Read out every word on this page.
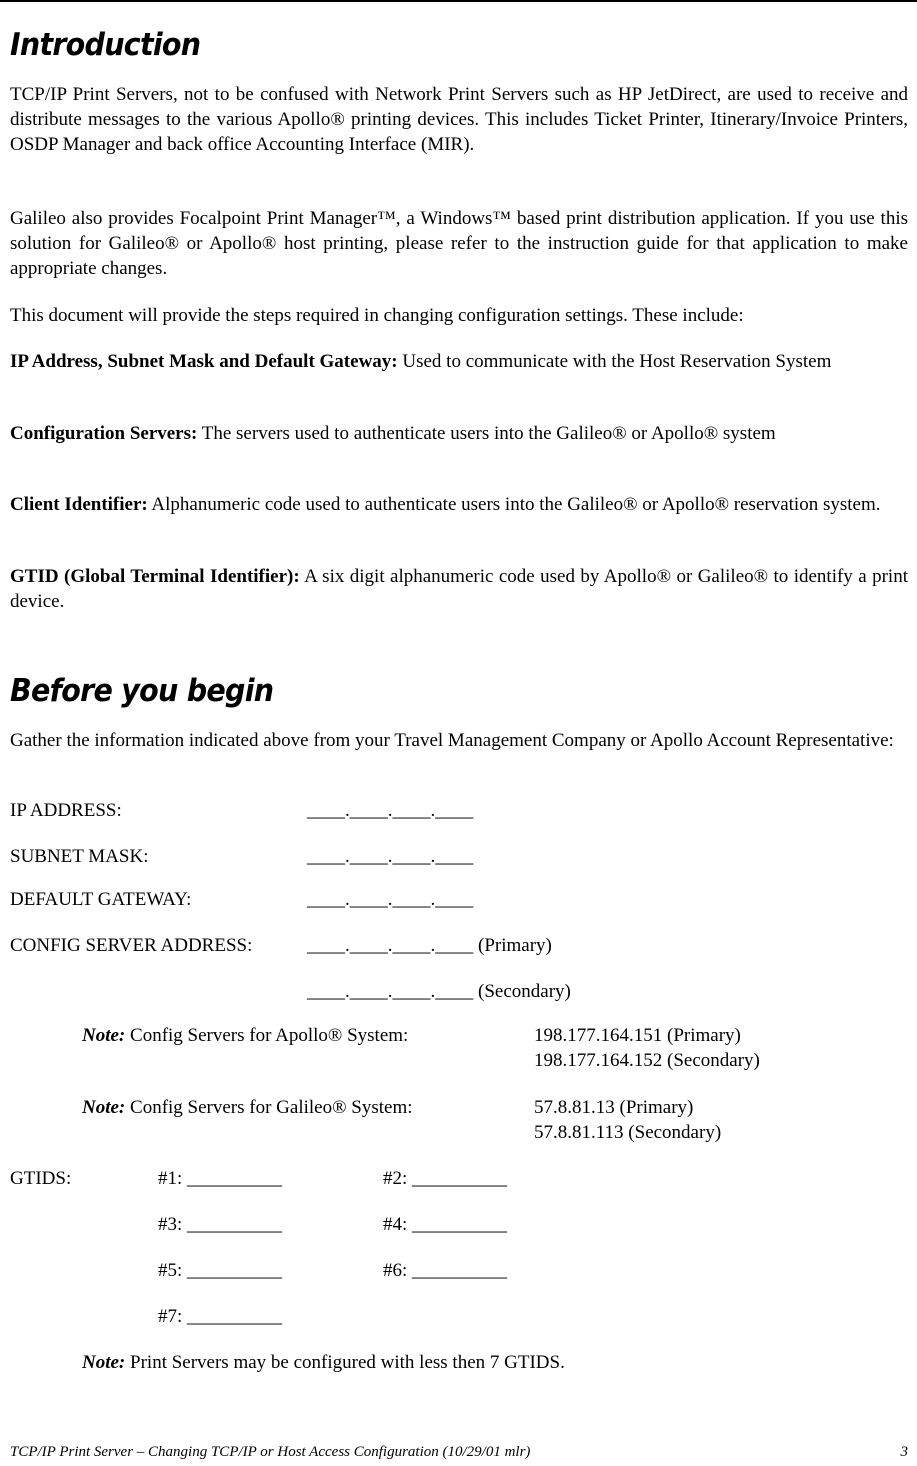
Introduction

TCP/IP Print Servers, not to be confused with Network Print Servers such as HP JetDirect, are used to receive and distribute messages to the various Apollo® printing devices. This includes Ticket Printer, Itinerary/Invoice Printers, OSDP Manager and back office Accounting Interface (MIR).

Galileo also provides Focalpoint Print Manager™, a Windows™ based print distribution application. If you use this solution for Galileo® or Apollo® host printing, please refer to the instruction guide for that application to make appropriate changes.

This document will provide the steps required in changing configuration settings. These include:

IP Address, Subnet Mask and Default Gateway: Used to communicate with the Host Reservation System

Configuration Servers: The servers used to authenticate users into the Galileo® or Apollo® system

Client Identifier: Alphanumeric code used to authenticate users into the Galileo® or Apollo® reservation system.

GTID (Global Terminal Identifier): A six digit alphanumeric code used by Apollo® or Galileo® to identify a print device.

Before you begin

Gather the information indicated above from your Travel Management Company or Apollo Account Representative:

IP ADDRESS:	____.____.____.____
SUBNET MASK:	____.____.____.____
DEFAULT GATEWAY:	____.____.____.____
CONFIG SERVER ADDRESS:	____.____.____.____ (Primary)
____.____.____.____ (Secondary)
Note: Config Servers for Apollo® System:	198.177.164.151 (Primary)
198.177.164.152 (Secondary)
Note: Config Servers for Galileo® System:	57.8.81.13 (Primary)
57.8.81.113 (Secondary)
GTIDS:	#1: __________	#2: __________
#3: __________	#4: __________
#5: __________	#6: __________
#7: __________
Note: Print Servers may be configured with less then 7 GTIDS.
TCP/IP Print Server – Changing TCP/IP or Host Access Configuration (10/29/01 mlr)	3
